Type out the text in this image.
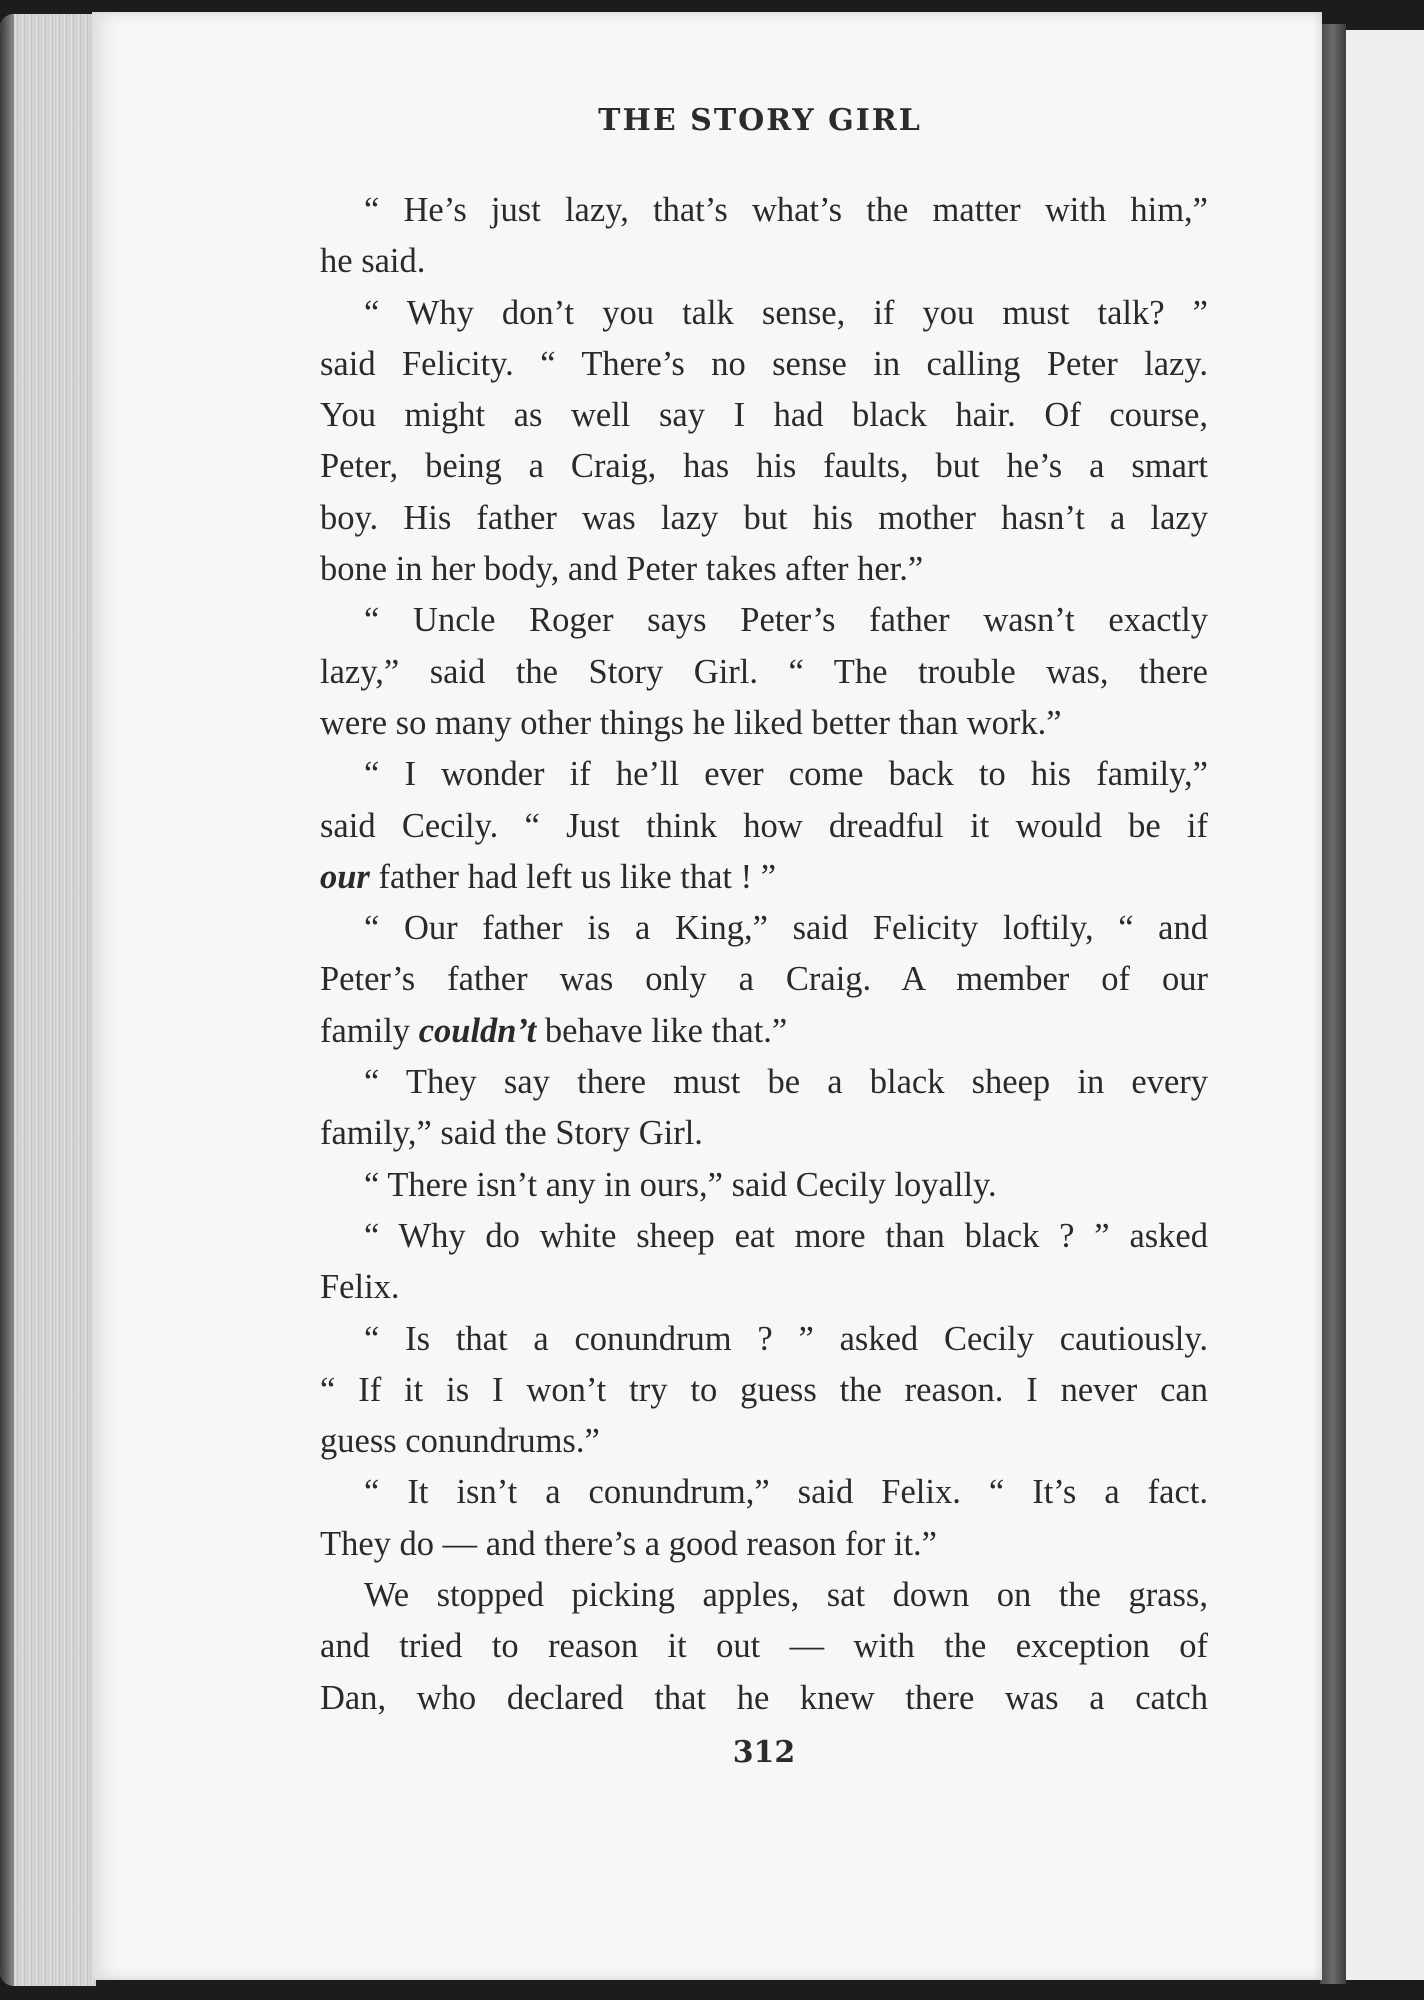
THE STORY GIRL
“ He’s just lazy, that’s what’s the matter with him,”
he said.
“ Why don’t you talk sense, if you must talk? ”
said Felicity. “ There’s no sense in calling Peter lazy.
You might as well say I had black hair. Of course,
Peter, being a Craig, has his faults, but he’s a smart
boy. His father was lazy but his mother hasn’t a lazy
bone in her body, and Peter takes after her.”
“ Uncle Roger says Peter’s father wasn’t exactly
lazy,” said the Story Girl. “ The trouble was, there
were so many other things he liked better than work.”
“ I wonder if he’ll ever come back to his family,”
said Cecily. “ Just think how dreadful it would be if
our father had left us like that ! ”
“ Our father is a King,” said Felicity loftily, “ and
Peter’s father was only a Craig. A member of our
family couldn’t behave like that.”
“ They say there must be a black sheep in every
family,” said the Story Girl.
“ There isn’t any in ours,” said Cecily loyally.
“ Why do white sheep eat more than black ? ” asked
Felix.
“ Is that a conundrum ? ” asked Cecily cautiously.
“ If it is I won’t try to guess the reason. I never can
guess conundrums.”
“ It isn’t a conundrum,” said Felix. “ It’s a fact.
They do — and there’s a good reason for it.”
We stopped picking apples, sat down on the grass,
and tried to reason it out — with the exception of
Dan, who declared that he knew there was a catch
312
